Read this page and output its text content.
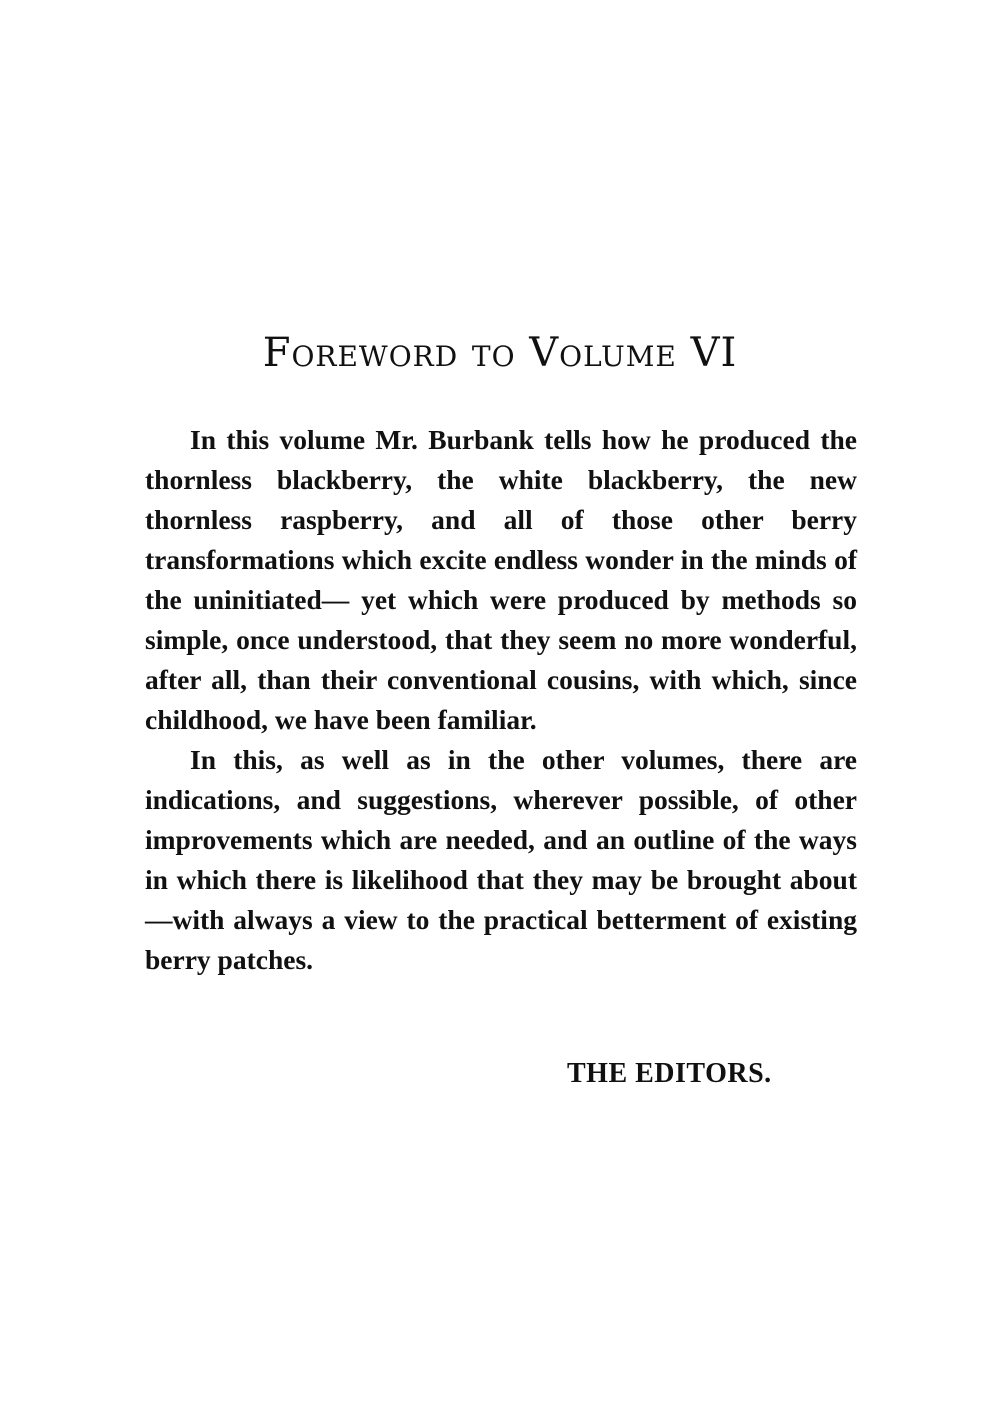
Foreword to Volume VI

In this volume Mr. Burbank tells how he produced the thornless blackberry, the white blackberry, the new thornless raspberry, and all of those other berry transformations which excite endless wonder in the minds of the uninitiated— yet which were produced by methods so simple, once understood, that they seem no more wonderful, after all, than their conventional cousins, with which, since childhood, we have been familiar.

In this, as well as in the other volumes, there are indications, and suggestions, wherever possible, of other improvements which are needed, and an outline of the ways in which there is likelihood that they may be brought about—with always a view to the practical betterment of existing berry patches.

THE EDITORS.
